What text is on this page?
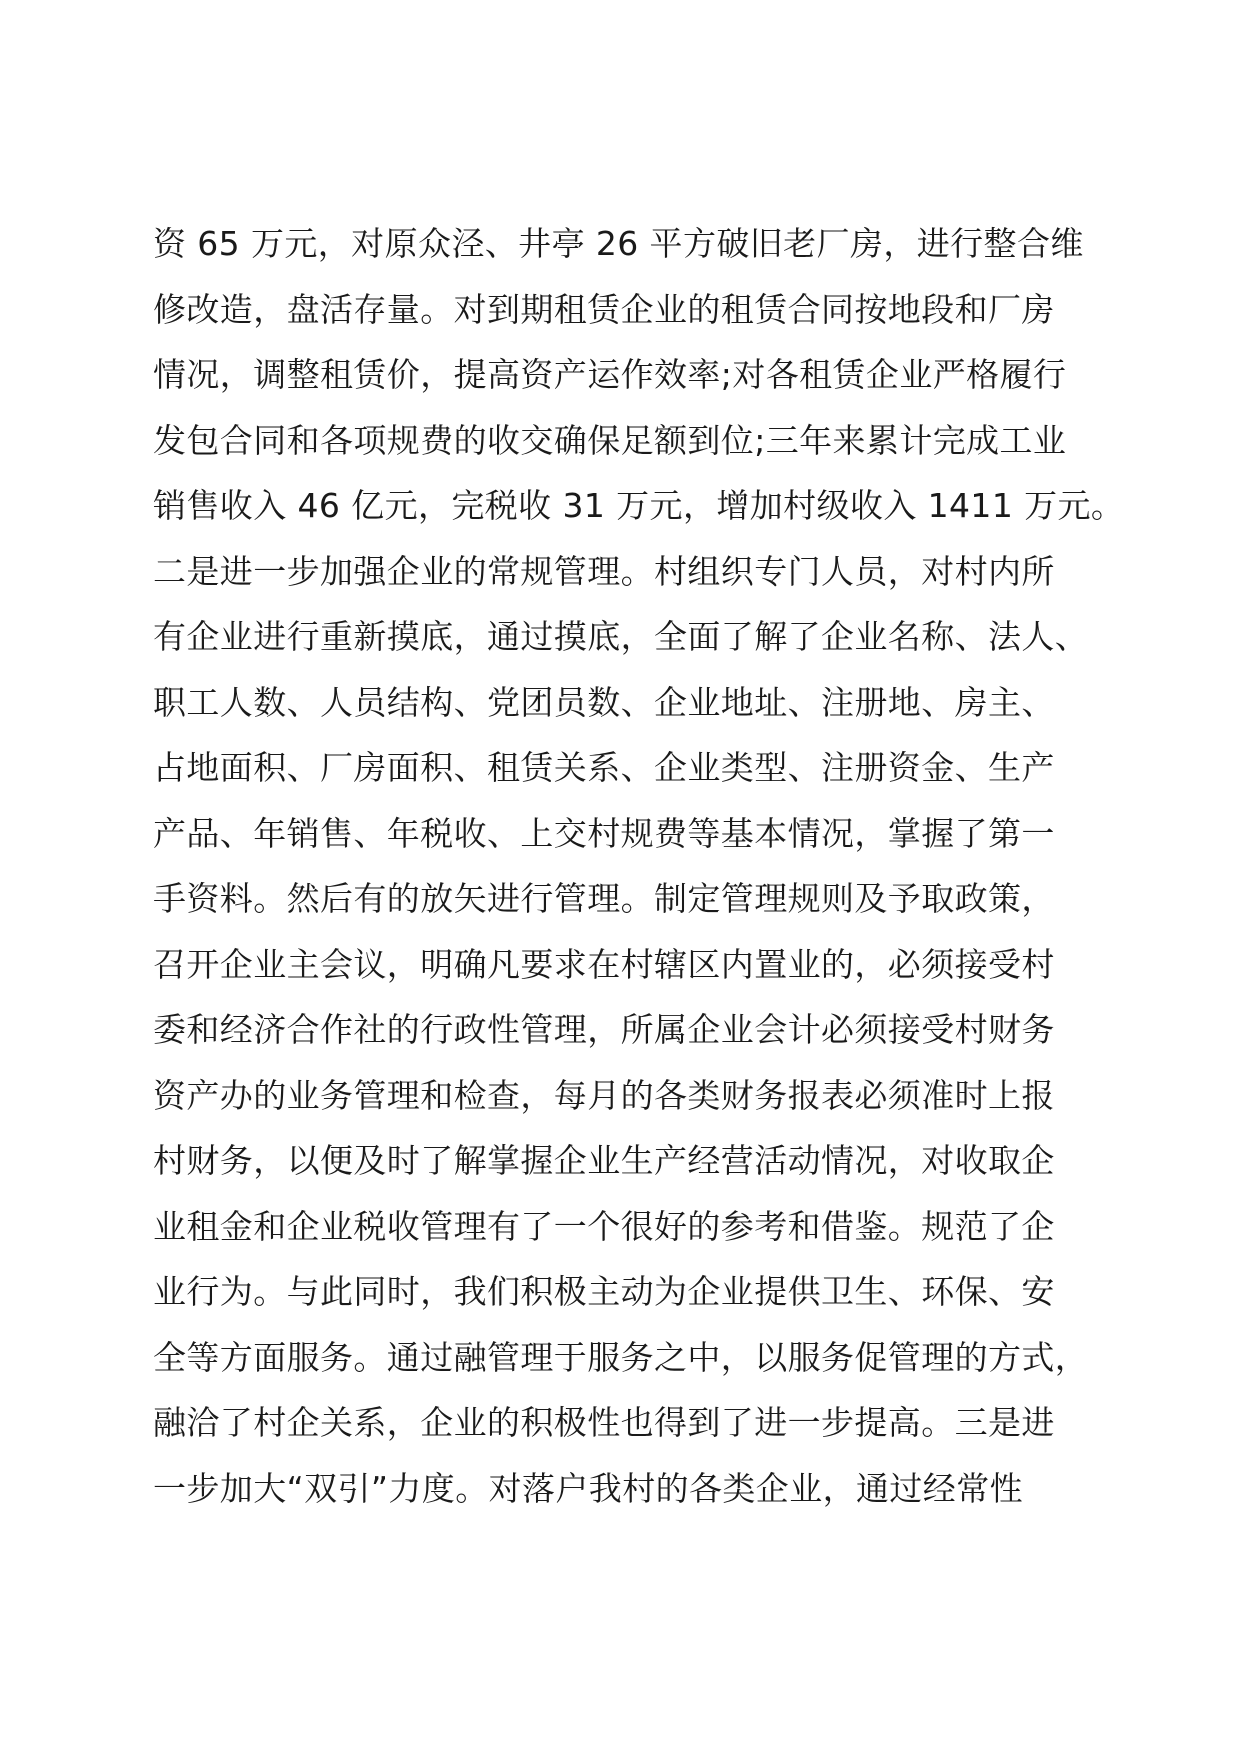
资 65 万元，对原众泾、井亭 26 平方破旧老厂房，进行整合维
修改造，盘活存量。对到期租赁企业的租赁合同按地段和厂房
情况，调整租赁价，提高资产运作效率;对各租赁企业严格履行
发包合同和各项规费的收交确保足额到位;三年来累计完成工业
销售收入 46 亿元，完税收 31 万元，增加村级收入 1411 万元。
二是进一步加强企业的常规管理。村组织专门人员，对村内所
有企业进行重新摸底，通过摸底，全面了解了企业名称、法人、
职工人数、人员结构、党团员数、企业地址、注册地、房主、
占地面积、厂房面积、租赁关系、企业类型、注册资金、生产
产品、年销售、年税收、上交村规费等基本情况，掌握了第一
手资料。然后有的放矢进行管理。制定管理规则及予取政策，
召开企业主会议，明确凡要求在村辖区内置业的，必须接受村
委和经济合作社的行政性管理，所属企业会计必须接受村财务
资产办的业务管理和检查，每月的各类财务报表必须准时上报
村财务，以便及时了解掌握企业生产经营活动情况，对收取企
业租金和企业税收管理有了一个很好的参考和借鉴。规范了企
业行为。与此同时，我们积极主动为企业提供卫生、环保、安
全等方面服务。通过融管理于服务之中，以服务促管理的方式，
融洽了村企关系，企业的积极性也得到了进一步提高。三是进
一步加大“双引”力度。对落户我村的各类企业，通过经常性
